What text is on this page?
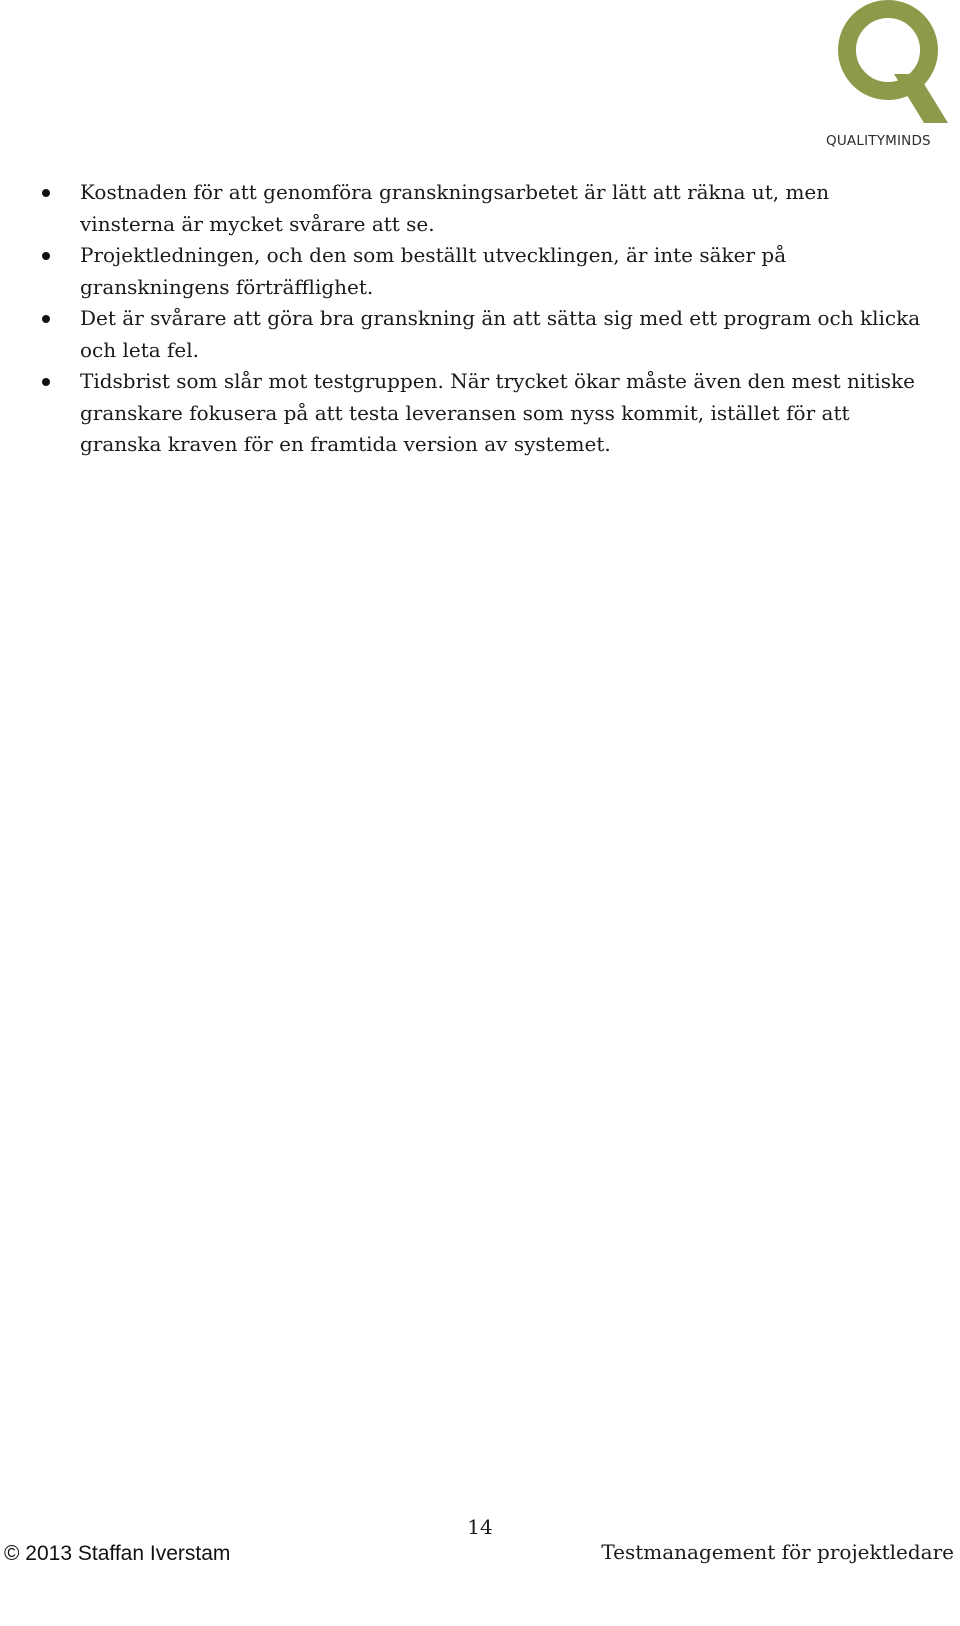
QUALITYMINDS
Kostnaden för att genomföra granskningsarbetet är lätt att räkna ut, men vinsterna är mycket svårare att se.
Projektledningen, och den som beställt utvecklingen, är inte säker på granskningens förträfflighet.
Det är svårare att göra bra granskning än att sätta sig med ett program och klicka och leta fel.
Tidsbrist som slår mot testgruppen. När trycket ökar måste även den mest nitiske granskare fokusera på att testa leveransen som nyss kommit, istället för att granska kraven för en framtida version av systemet.
14
© 2013 Staffan Iverstam	Testmanagement för projektledare
